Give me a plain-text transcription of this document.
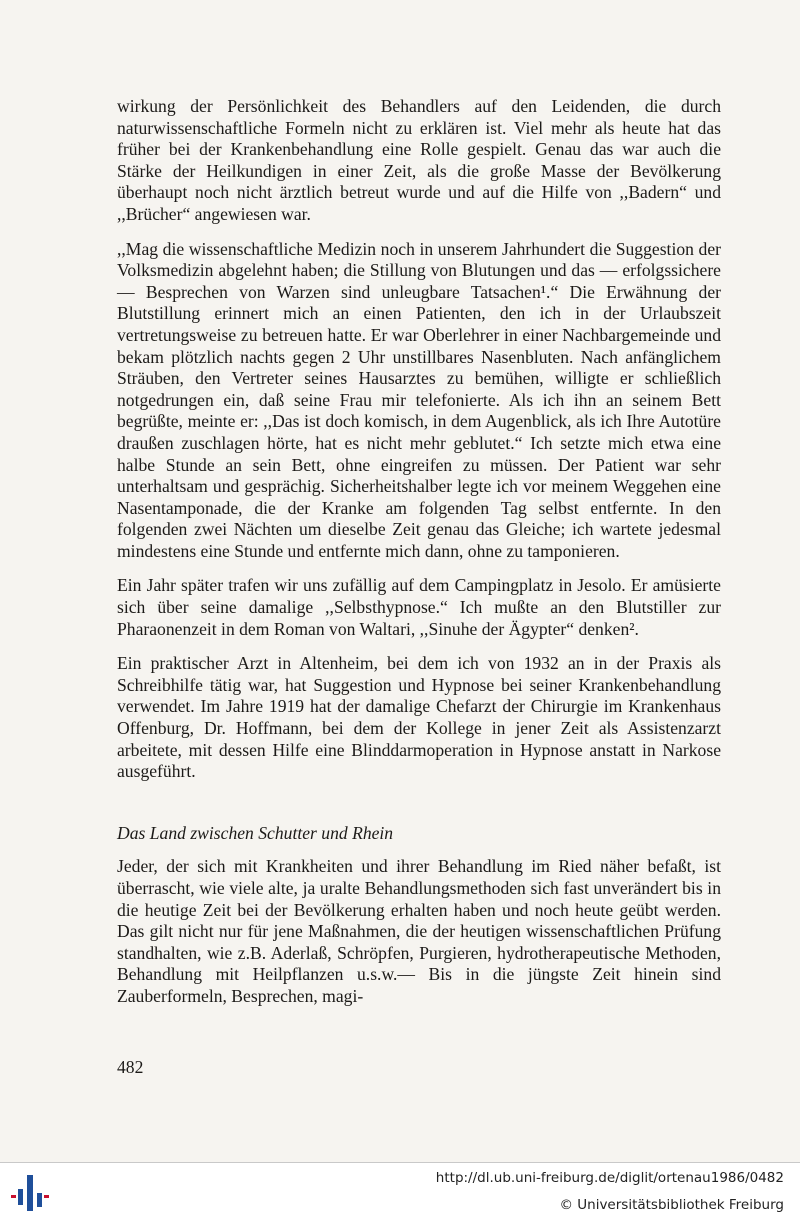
wirkung der Persönlichkeit des Behandlers auf den Leidenden, die durch naturwissenschaftliche Formeln nicht zu erklären ist. Viel mehr als heute hat das früher bei der Krankenbehandlung eine Rolle gespielt. Genau das war auch die Stärke der Heilkundigen in einer Zeit, als die große Masse der Bevölkerung überhaupt noch nicht ärztlich betreut wurde und auf die Hilfe von ,,Badern“ und ,,Brücher“ angewiesen war.

,,Mag die wissenschaftliche Medizin noch in unserem Jahrhundert die Suggestion der Volksmedizin abgelehnt haben; die Stillung von Blutungen und das — erfolgssichere — Besprechen von Warzen sind unleugbare Tatsachen¹.“ Die Erwähnung der Blutstillung erinnert mich an einen Patienten, den ich in der Urlaubszeit vertretungsweise zu betreuen hatte. Er war Oberlehrer in einer Nachbargemeinde und bekam plötzlich nachts gegen 2 Uhr unstillbares Nasenbluten. Nach anfänglichem Sträuben, den Vertreter seines Hausarztes zu bemühen, willigte er schließlich notgedrungen ein, daß seine Frau mir telefonierte. Als ich ihn an seinem Bett begrüßte, meinte er: ,,Das ist doch komisch, in dem Augenblick, als ich Ihre Autotüre draußen zuschlagen hörte, hat es nicht mehr geblutet.“ Ich setzte mich etwa eine halbe Stunde an sein Bett, ohne eingreifen zu müssen. Der Patient war sehr unterhaltsam und gesprächig. Sicherheitshalber legte ich vor meinem Weggehen eine Nasentamponade, die der Kranke am folgenden Tag selbst entfernte. In den folgenden zwei Nächten um dieselbe Zeit genau das Gleiche; ich wartete jedesmal mindestens eine Stunde und entfernte mich dann, ohne zu tamponieren.

Ein Jahr später trafen wir uns zufällig auf dem Campingplatz in Jesolo. Er amüsierte sich über seine damalige ,,Selbsthypnose.“ Ich mußte an den Blutstiller zur Pharaonenzeit in dem Roman von Waltari, ,,Sinuhe der Ägypter“ denken².

Ein praktischer Arzt in Altenheim, bei dem ich von 1932 an in der Praxis als Schreibhilfe tätig war, hat Suggestion und Hypnose bei seiner Krankenbehandlung verwendet. Im Jahre 1919 hat der damalige Chefarzt der Chirurgie im Krankenhaus Offenburg, Dr. Hoffmann, bei dem der Kollege in jener Zeit als Assistenzarzt arbeitete, mit dessen Hilfe eine Blinddarmoperation in Hypnose anstatt in Narkose ausgeführt.

Das Land zwischen Schutter und Rhein

Jeder, der sich mit Krankheiten und ihrer Behandlung im Ried näher befaßt, ist überrascht, wie viele alte, ja uralte Behandlungsmethoden sich fast unverändert bis in die heutige Zeit bei der Bevölkerung erhalten haben und noch heute geübt werden. Das gilt nicht nur für jene Maßnahmen, die der heutigen wissenschaftlichen Prüfung standhalten, wie z.B. Aderlaß, Schröpfen, Purgieren, hydrotherapeutische Methoden, Behandlung mit Heilpflanzen u.s.w.— Bis in die jüngste Zeit hinein sind Zauberformeln, Besprechen, magi-

482
http://dl.ub.uni-freiburg.de/diglit/ortenau1986/0482
© Universitätsbibliothek Freiburg
